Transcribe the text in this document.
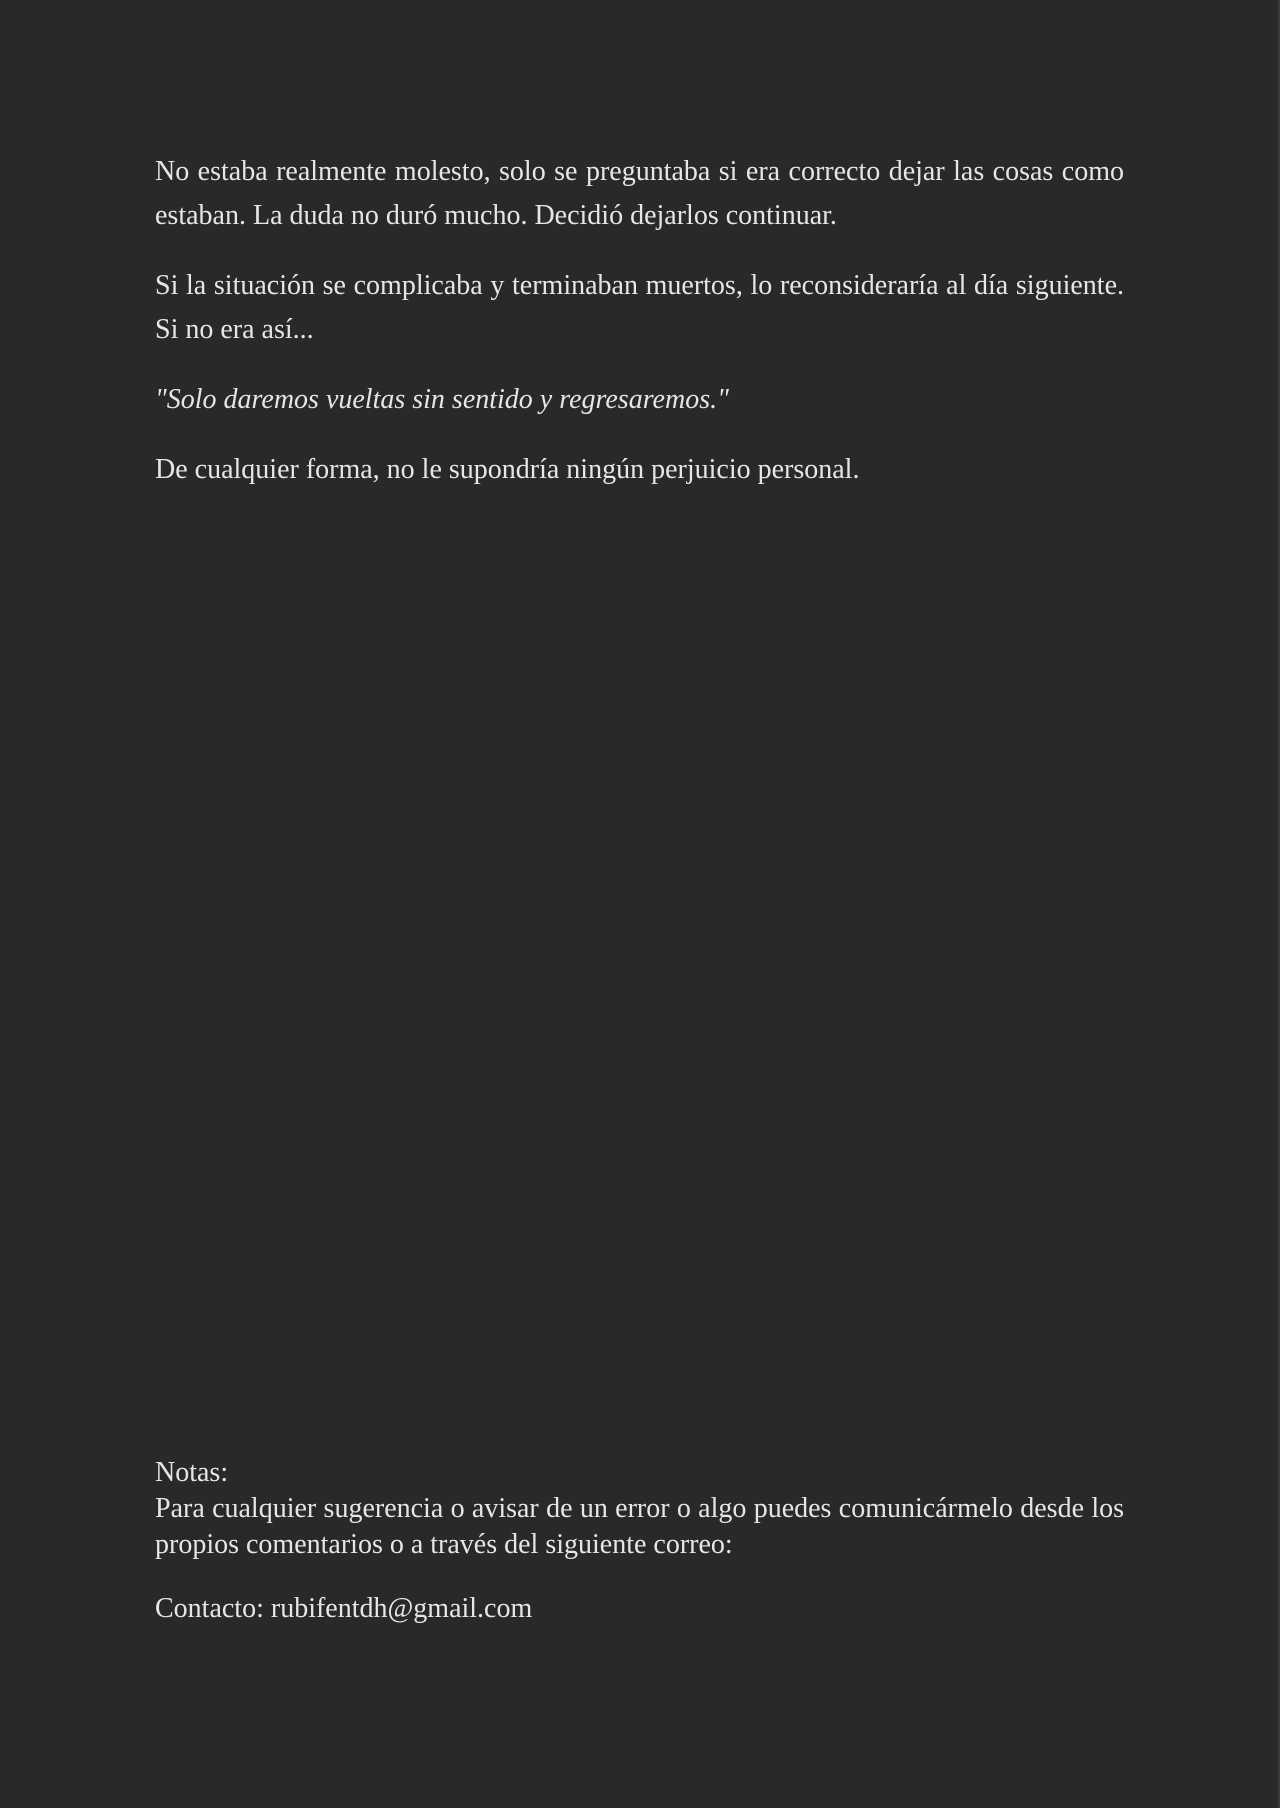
No estaba realmente molesto, solo se preguntaba si era correcto dejar las cosas como estaban. La duda no duró mucho. Decidió dejarlos continuar.

Si la situación se complicaba y terminaban muertos, lo reconsideraría al día siguiente. Si no era así...

"Solo daremos vueltas sin sentido y regresaremos."

De cualquier forma, no le supondría ningún perjuicio personal.

Notas:
Para cualquier sugerencia o avisar de un error o algo puedes comunicármelo desde los propios comentarios o a través del siguiente correo:
Contacto: rubifentdh@gmail.com
